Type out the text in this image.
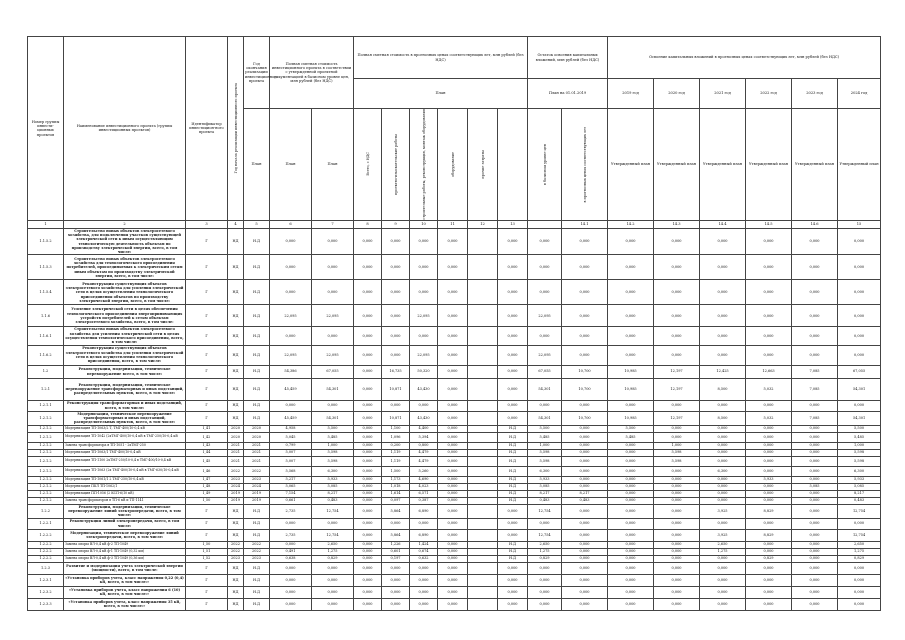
Номер группы инвести-ционных проектов	Наименование инвестиционного проекта (группы инвестиционных проектов)	Идентификатор инвестицион-ного проекта	Год начала реализации инвестиционного проекта	Год окончания реализации инвестиционного проекта	Полная сметная стоимость инвестиционного проекта в соответствии с утвержденной проектной документацией в базисном уровне цен, млн рублей (без НДС)		Полная сметная стоимость в прогнозных ценах соответствующих лет, млн рублей (без НДС)						Остаток освоения капитальных вложений, млн рублей (без НДС)		Освоение капитальных вложений в прогнозных ценах соответствующих лет, млн рублей (без НДС)					
							План						План на 01.01.2019		2019 год	2020 год	2021 год	2022 год	2023 год	2024 год
				План	План	План	Всего, с НДС	проектно-изыскательские работы	строительные работы, реконструкция, монтаж оборудования	оборудование	прочие затраты		в базисном уровне цен	в прогнозных ценах соответствующих лет	Утвержденный план	Утвержденный план	Утвержденный план	Утвержденный план	Утвержденный план	Утвержденный план
1	2	3	4	5	6	7	8	9	10	11	12	13		14.1	14.2	14.3	14.4	14.5	14.6	15
1.1.5.2	Строительство новых объектов электросетевого хозяйства, для подключения участков существующей электрической сети к иным осуществляющим технологическую деятельность объектам по производству электрической энергии, всего, в том числе:	Г	НД	Н.Д	0,000	0,000	0,000	0,000	0,000	0,000		0,000	0,000	0,000	0,000	0,000	0,000	0,000	0,000	0,000
1.1.5.3	Строительство новых объектов электросетевого хозяйства для технологического присоединения потребителей, присоединяемых к электрическим сетям иным объектам по производству электрической энергии, всего, в том числе:	Г	НД	Н.Д	0,000	0,000	0,000	0,000	0,000	0,000		0,000	0,000	0,000	0,000	0,000	0,000	0,000	0,000	0,000
1.1.5.4	Реконструкция существующих объектов электросетевого хозяйства для усиления электрической сети в целях осуществления технологического присоединения объектов по производству электрической энергии, всего, в том числе:	Г	НД	Н.Д	0,000	0,000	0,000	0,000	0,000	0,000		0,000	0,000	0,000	0,000	0,000	0,000	0,000	0,000	0,000
1.1.6	Усиление электрической сети в целях обеспечения технологического присоединения энергопринимающих устройств потребителей к сетям объектам электросетевого хозяйства, всего, в том числе:	Г	НД	Н.Д	22,095	22,095	0,000	0,000	22,095	0,000		0,000	22,095	0,000	0,000	0,000	0,000	0,000	0,000	0,000
1.1.6.1	Строительство новых объектов электросетевого хозяйства для усиления электрической сети в целях осуществления технологического присоединения, всего, в том числе:	Г	НД	Н.Д	0,000	0,000	0,000	0,000	0,000	0,000		0,000	0,000	0,000	0,000	0,000	0,000	0,000	0,000	0,000
1.1.6.2	Реконструкция существующих объектов электросетевого хозяйства для усиления электрической сети в целях осуществления технологического присоединения, всего, в том числе:	Г	НД	Н.Д	22,095	22,095	0,000	0,000	22,095	0,000		0,000	22,095	0,000	0,000	0,000	0,000	0,000	0,000	0,000
1.2	Реконструкция, модернизация, техническое перевооружение всего, в том числе:	Г	НД	Н.Д	54,386	67,055	0,000	16,735	50,320	0,000		0,000	67,055	10,700	10,985	12,197	12,425	12,663	7,085	67,055
1.2.1	Реконструкция, модернизация, техническое перевооружение трансформаторных и иных подстанций, распределительных пунктов, всего, в том числе:	Г	НД	Н.Д	45,459	54,301	0,000	10,871	43,430	0,000		0,000	54,301	10,700	10,985	12,197	8,500	5,032	7,085	54,301
1.2.1.1	Реконструкция трансформаторных и иных подстанций, всего, в том числе:	Г	НД	Н.Д	0,000	0,000	0,000	0,000	0,000	0,000		0,000	0,000	0,000	0,000	0,000	0,000	0,000	0,000	0,000
1.2.1.2	Модернизация, техническое перевооружение трансформаторных и иных подстанций, распределительных пунктов, всего, в том числе:	Г	НД	Н.Д	45,459	54,301	0,000	10,871	43,430	0,000		0,000	54,301	10,700	10,985	12,197	8,500	5,032	7,085	54,301
1.2.1.2	Модернизация ТП-1063/2 Т, ТМГ-400/10-0,4 кВ	I_41	2020	2020	4,958	5,500	0,000	1,100	4,400	0,000		Н.Д	5,500	0,000	5,500	0,000	0,000	0,000	0,000	5,500
1.2.1.2	Модернизация ТП-1042 (2хТМГ-400/10-0,4 кВ в ТМГ-250/10-0,4 кВ	I_42	2020	2020	5,045	5,485	0,000	1,096	5,394	0,000		Н.Д	5,485	0,000	5,485	0,000	0,000	0,000	0,000	5,485
1.2.1.2	Замена трансформатора в ТП-1051 - 2хТМГ-250	I_43	2021	2021	0,799	1,000	0,000	0,200	0,800	0,000		Н.Д	1,000	0,000	0,000	1,000	0,000	0,000	0,000	1,000
1.2.1.2	Модернизация ТП-1063/1 ТМГ-400/10-0,4 кВ	I_44	2021	2021	5,007	5,598	0,000	1,119	4,479	0,000		Н.Д	5,598	0,000	0,000	5,598	0,000	0,000	0,000	5,598
1.2.1.2	Модернизация ТП-1100 2хТМГ-250/10-0,4 в ТМГ-400/10-0,4 кВ	I_45	2021	2021	5,007	5,598	0,000	1,119	4,479	0,000		Н.Д	5,598	0,000	0,000	5,598	0,000	0,000	0,000	5,598
1.2.1.2	Модернизация ТП-1063 (2х ТМГ-400/10-0,4 кВ в ТМГ-630/10-0,4 кВ	I_46	2022	2022	5,568	6,300	0,000	1,500	5,260	0,000		Н.Д	6,300	0,000	0,000	0,000	6,300	0,000	0,000	6,300
1.2.1.2	Модернизация ТП-1061/1 2 ТМГ-250/10-0,4 кВ	I_47	2023	2023	5,217	5,933	0,000	1,173	4,690	0,000		Н.Д	5,933	0,000	0,000	0,000	0,000	5,933	0,000	5,933
1.2.1.2	Модернизация ПКЛ ТП-1062/1	I_48	2024	2024	5,065	5,085	0,000	1,018	4,023	0,000		Н.Д	5,085	0,000	0,000	0,000	0,000	0,000	5,085	5,085
1.2.1.2	Модернизация ПП-1056 (2 КСП-6/10 кВ)	I_49	2019	2019	7,154	8,217	0,000	1,614	6,571	0,000		Н.Д	8,217	8,217	0,000	0,000	0,000	0,000	0,000	8,217
1.2.1.2	Замена трансформаторов в ТП-6 кВ и ТП-1141	I_50	2019	2019	0,661	0,483	0,000	0,097	0,387	0,000		Н.Д	0,483	0,483	0,000	0,000	0,000	0,000	0,000	0,483
1.2.2	Реконструкция, модернизация, техническое перевооружение линий электропередачи, всего, в том числе:	Г	НД	Н.Д	2,735	12,754	0,000	5,864	6,890	0,000		0,000	12,754	0,000	0,000	0,000	3,925	8,829	0,000	12,754
1.2.2.1	Реконструкция линий электропередачи, всего, в том числе:	Г	НД	Н.Д	0,000	0,000	0,000	0,000	0,000	0,000		0,000	0,000	0,000	0,000	0,000	0,000	0,000	0,000	0,000
1.2.2.2	Модернизация, техническое перевооружение линий электропередачи, всего, в том числе:	Г	НД	Н.Д	2,735	12,754	0,000	5,864	6,890	0,000		0,000	12,754	0,000	0,000	0,000	3,925	8,829	0,000	12,754
1.2.2.2	Замена опоры ВЛ-0,4 кВ ф-2 ТП-1049	I_50	2022	2022	0,000	2,650	0,000	1,226	1,424	0,000		Н.Д	2,650	0,000	0,000	0,000	2,650	0,000	0,000	2,650
1.2.2.2	Замена опоры ВЛ-0,4 кВ ф-1 ТП-1049 (0,32 км)	I_51	2022	2022	0,491	1,275	0,000	0,601	0,674	0,000		Н.Д	1,275	0,000	0,000	0,000	1,275	0,000	0,000	1,275
1.2.2.2	Замена опоры ВЛ-0,4 кВ ф-3 ТП-1049 (0,36 км)	I_52	2023	2023	0,638	0,829	0,000	0,197	0,632	0,000		Н.Д	0,829	0,000	0,000	0,000	0,000	0,829	0,000	0,829
1.2.3	Развитие и модернизация учета электрической энергии (мощности), всего, в том числе:	Г	НД	Н.Д	0,000	0,000	0,000	0,000	0,000	0,000		0,000	0,000	0,000	0,000	0,000	0,000	0,000	0,000	0,000
1.2.3.1	«Установка приборов учета, класс напряжения 0,22 (0,4) кВ, всего, в том числе:»	Г	НД	Н.Д	0,000	0,000	0,000	0,000	0,000	0,000		0,000	0,000	0,000	0,000	0,000	0,000	0,000	0,000	0,000
1.2.3.2	«Установка приборов учета, класс напряжения 6 (10) кВ, всего, в том числе:»	Г	НД	Н.Д	0,000	0,000	0,000	0,000	0,000	0,000		0,000	0,000	0,000	0,000	0,000	0,000	0,000	0,000	0,000
1.2.3.3	«Установка приборов учета, класс напряжения 35 кВ, всего, в том числе:»	Г	НД	Н.Д	0,000	0,000	0,000	0,000	0,000	0,000		0,000	0,000	0,000	0,000	0,000	0,000	0,000	0,000	0,000
